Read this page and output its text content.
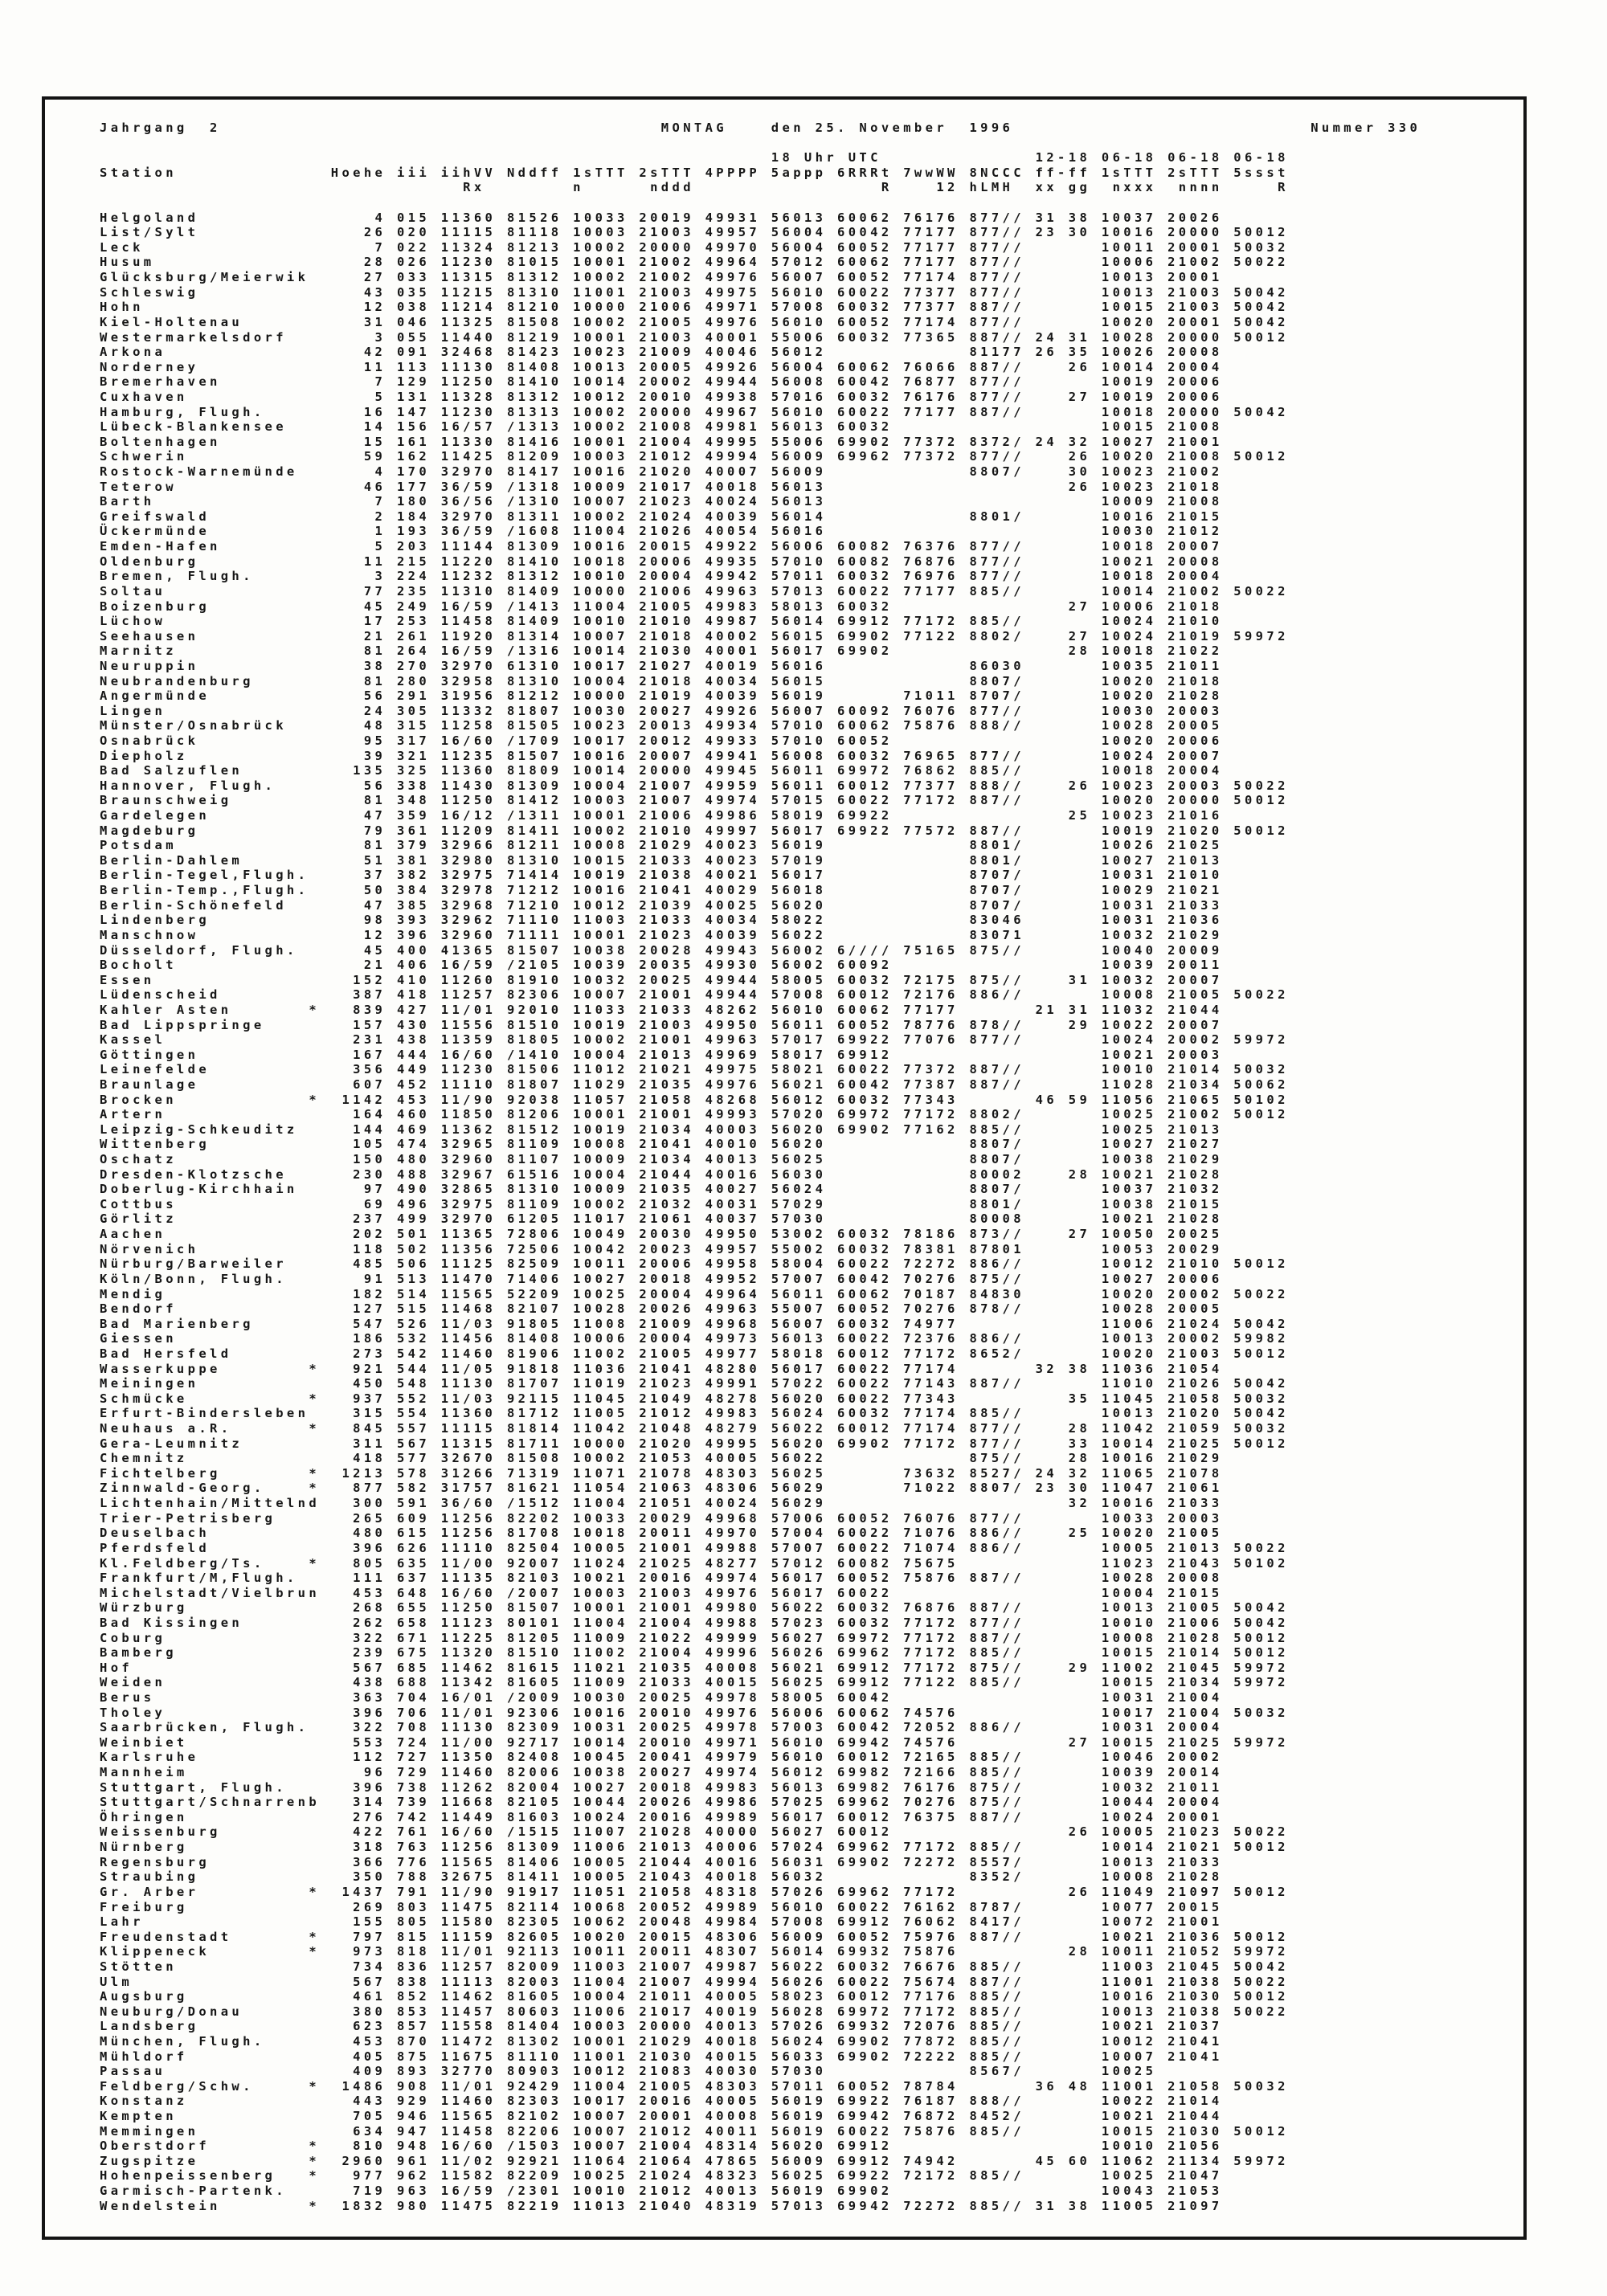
Jahrgang  2                                        MONTAG    den 25. November  1996                           Nummer 330

18 Uhr UTC              12-18 06-18 06-18 06-18
Station              Hoehe iii iihVV Nddff 1sTTT 2sTTT 4PPPP 5appp 6RRRt 7wwWW 8NCCC ff-ff 1sTTT 2sTTT 5ssst
Rx        n      nddd                 R    12 hLMH  xx gg  nxxx  nnnn     R

Helgoland                4 015 11360 81526 10033 20019 49931 56013 60062 76176 877// 31 38 10037 20026
List/Sylt               26 020 11115 81118 10003 21003 49957 56004 60042 77177 877// 23 30 10016 20000 50012
Leck                     7 022 11324 81213 10002 20000 49970 56004 60052 77177 877//       10011 20001 50032
Husum                   28 026 11230 81015 10001 21002 49964 57012 60062 77177 877//       10006 21002 50022
Glücksburg/Meierwik     27 033 11315 81312 10002 21002 49976 56007 60052 77174 877//       10013 20001
Schleswig               43 035 11215 81310 11001 21003 49975 56010 60022 77377 877//       10013 21003 50042
Hohn                    12 038 11214 81210 10000 21006 49971 57008 60032 77377 887//       10015 21003 50042
Kiel-Holtenau           31 046 11325 81508 10002 21005 49976 56010 60052 77174 877//       10020 20001 50042
Westermarkelsdorf        3 055 11440 81219 10001 21003 40001 55006 60032 77365 887// 24 31 10028 20000 50012
Arkona                  42 091 32468 81423 10023 21009 40046 56012             81177 26 35 10026 20008
Norderney               11 113 11130 81408 10013 20005 49926 56004 60062 76066 887//    26 10014 20004
Bremerhaven              7 129 11250 81410 10014 20002 49944 56008 60042 76877 877//       10019 20006
Cuxhaven                 5 131 11328 81312 10012 20010 49938 57016 60032 76176 877//    27 10019 20006
Hamburg, Flugh.         16 147 11230 81313 10002 20000 49967 56010 60022 77177 887//       10018 20000 50042
Lübeck-Blankensee       14 156 16/57 /1313 10002 21008 49981 56013 60032                   10015 21008
Boltenhagen             15 161 11330 81416 10001 21004 49995 55006 69902 77372 8372/ 24 32 10027 21001
Schwerin                59 162 11425 81209 10003 21012 49994 56009 69962 77372 877//    26 10020 21008 50012
Rostock-Warnemünde       4 170 32970 81417 10016 21020 40007 56009             8807/    30 10023 21002
Teterow                 46 177 36/59 /1318 10009 21017 40018 56013                      26 10023 21018
Barth                    7 180 36/56 /1310 10007 21023 40024 56013                         10009 21008
Greifswald               2 184 32970 81311 10002 21024 40039 56014             8801/       10016 21015
Ückermünde               1 193 36/59 /1608 11004 21026 40054 56016                         10030 21012
Emden-Hafen              5 203 11144 81309 10016 20015 49922 56006 60082 76376 877//       10018 20007
Oldenburg               11 215 11220 81410 10018 20006 49935 57010 60082 76876 877//       10021 20008
Bremen, Flugh.           3 224 11232 81312 10010 20004 49942 57011 60032 76976 877//       10018 20004
Soltau                  77 235 11310 81409 10000 21006 49963 57013 60022 77177 885//       10014 21002 50022
Boizenburg              45 249 16/59 /1413 11004 21005 49983 58013 60032                27 10006 21018
Lüchow                  17 253 11458 81409 10010 21010 49987 56014 69912 77172 885//       10024 21010
Seehausen               21 261 11920 81314 10007 21018 40002 56015 69902 77122 8802/    27 10024 21019 59972
Marnitz                 81 264 16/59 /1316 10014 21030 40001 56017 69902                28 10018 21022
Neuruppin               38 270 32970 61310 10017 21027 40019 56016             86030       10035 21011
Neubrandenburg          81 280 32958 81310 10004 21018 40034 56015             8807/       10020 21018
Angermünde              56 291 31956 81212 10000 21019 40039 56019       71011 8707/       10020 21028
Lingen                  24 305 11332 81807 10030 20027 49926 56007 60092 76076 877//       10030 20003
Münster/Osnabrück       48 315 11258 81505 10023 20013 49934 57010 60062 75876 888//       10028 20005
Osnabrück               95 317 16/60 /1709 10017 20012 49933 57010 60052                   10020 20006
Diepholz                39 321 11235 81507 10016 20007 49941 56008 60032 76965 877//       10024 20007
Bad Salzuflen          135 325 11360 81809 10014 20000 49945 56011 69972 76862 885//       10018 20004
Hannover, Flugh.        56 338 11430 81309 10004 21007 49959 56011 60012 77377 888//    26 10023 20003 50022
Braunschweig            81 348 11250 81412 10003 21007 49974 57015 60022 77172 887//       10020 20000 50012
Gardelegen              47 359 16/12 /1311 10001 21006 49986 58019 69922                25 10023 21016
Magdeburg               79 361 11209 81411 10002 21010 49997 56017 69922 77572 887//       10019 21020 50012
Potsdam                 81 379 32966 81211 10008 21029 40023 56019             8801/       10026 21025
Berlin-Dahlem           51 381 32980 81310 10015 21033 40023 57019             8801/       10027 21013
Berlin-Tegel,Flugh.     37 382 32975 71414 10019 21038 40021 56017             8707/       10031 21010
Berlin-Temp.,Flugh.     50 384 32978 71212 10016 21041 40029 56018             8707/       10029 21021
Berlin-Schönefeld       47 385 32968 71210 10012 21039 40025 56020             8707/       10031 21033
Lindenberg              98 393 32962 71110 11003 21033 40034 58022             83046       10031 21036
Manschnow               12 396 32960 71111 10001 21023 40039 56022             83071       10032 21029
Düsseldorf, Flugh.      45 400 41365 81507 10038 20028 49943 56002 6//// 75165 875//       10040 20009
Bocholt                 21 406 16/59 /2105 10039 20035 49930 56002 60092                   10039 20011
Essen                  152 410 11260 81910 10032 20025 49944 58005 60032 72175 875//    31 10032 20007
Lüdenscheid            387 418 11257 82306 10007 21001 49944 57008 60012 72176 886//       10008 21005 50022
Kahler Asten       *   839 427 11/01 92010 11033 21033 48262 56010 60062 77177       21 31 11032 21044
Bad Lippspringe        157 430 11556 81510 10019 21003 49950 56011 60052 78776 878//    29 10022 20007
Kassel                 231 438 11359 81805 10002 21001 49963 57017 69922 77076 877//       10024 20002 59972
Göttingen              167 444 16/60 /1410 10004 21013 49969 58017 69912                   10021 20003
Leinefelde             356 449 11230 81506 11012 21021 49975 58021 60022 77372 887//       10010 21014 50032
Braunlage              607 452 11110 81807 11029 21035 49976 56021 60042 77387 887//       11028 21034 50062
Brocken            *  1142 453 11/90 92038 11057 21058 48268 56012 60032 77343       46 59 11056 21065 50102
Artern                 164 460 11850 81206 10001 21001 49993 57020 69972 77172 8802/       10025 21002 50012
Leipzig-Schkeuditz     144 469 11362 81512 10019 21034 40003 56020 69902 77162 885//       10025 21013
Wittenberg             105 474 32965 81109 10008 21041 40010 56020             8807/       10027 21027
Oschatz                150 480 32960 81107 10009 21034 40013 56025             8807/       10038 21029
Dresden-Klotzsche      230 488 32967 61516 10004 21044 40016 56030             80002    28 10021 21028
Doberlug-Kirchhain      97 490 32865 81310 10009 21035 40027 56024             8807/       10037 21032
Cottbus                 69 496 32975 81109 10002 21032 40031 57029             8801/       10038 21015
Görlitz                237 499 32970 61205 11017 21061 40037 57030             80008       10021 21028
Aachen                 202 501 11365 72806 10049 20030 49950 53002 60032 78186 873//    27 10050 20025
Nörvenich              118 502 11356 72506 10042 20023 49957 55002 60032 78381 87801       10053 20029
Nürburg/Barweiler      485 506 11125 82509 10011 20006 49958 58004 60022 72272 886//       10012 21010 50012
Köln/Bonn, Flugh.       91 513 11470 71406 10027 20018 49952 57007 60042 70276 875//       10027 20006
Mendig                 182 514 11565 52209 10025 20004 49964 56011 60062 70187 84830       10020 20002 50022
Bendorf                127 515 11468 82107 10028 20026 49963 55007 60052 70276 878//       10028 20005
Bad Marienberg         547 526 11/03 91805 11008 21009 49968 56007 60032 74977             11006 21024 50042
Giessen                186 532 11456 81408 10006 20004 49973 56013 60022 72376 886//       10013 20002 59982
Bad Hersfeld           273 542 11460 81906 11002 21005 49977 58018 60012 77172 8652/       10020 21003 50012
Wasserkuppe        *   921 544 11/05 91818 11036 21041 48280 56017 60022 77174       32 38 11036 21054
Meiningen              450 548 11130 81707 11019 21023 49991 57022 60022 77143 887//       11010 21026 50042
Schmücke           *   937 552 11/03 92115 11045 21049 48278 56020 60022 77343          35 11045 21058 50032
Erfurt-Bindersleben    315 554 11360 81712 11005 21012 49983 56024 60032 77174 885//       10013 21020 50042
Neuhaus a.R.       *   845 557 11115 81814 11042 21048 48279 56022 60012 77174 877//    28 11042 21059 50032
Gera-Leumnitz          311 567 11315 81711 10000 21020 49995 56020 69902 77172 877//    33 10014 21025 50012
Chemnitz               418 577 32670 81508 10002 21053 40005 56022             875//    28 10016 21029
Fichtelberg        *  1213 578 31266 71319 11071 21078 48303 56025       73632 8527/ 24 32 11065 21078
Zinnwald-Georg.    *   877 582 31757 81621 11054 21063 48306 56029       71022 8807/ 23 30 11047 21061
Lichtenhain/Mittelnd   300 591 36/60 /1512 11004 21051 40024 56029                      32 10016 21033
Trier-Petrisberg       265 609 11256 82202 10033 20029 49968 57006 60052 76076 877//       10033 20003
Deuselbach             480 615 11256 81708 10018 20011 49970 57004 60022 71076 886//    25 10020 21005
Pferdsfeld             396 626 11110 82504 10005 21001 49988 57007 60022 71074 886//       10005 21013 50022
Kl.Feldberg/Ts.    *   805 635 11/00 92007 11024 21025 48277 57012 60082 75675             11023 21043 50102
Frankfurt/M,Flugh.     111 637 11135 82103 10021 20016 49974 56017 60052 75876 887//       10028 20008
Michelstadt/Vielbrun   453 648 16/60 /2007 10003 21003 49976 56017 60022                   10004 21015
Würzburg               268 655 11250 81507 10001 21001 49980 56022 60032 76876 887//       10013 21005 50042
Bad Kissingen          262 658 11123 80101 11004 21004 49988 57023 60032 77172 877//       10010 21006 50042
Coburg                 322 671 11225 81205 11009 21022 49999 56027 69972 77172 887//       10008 21028 50012
Bamberg                239 675 11320 81510 11002 21004 49996 56026 69962 77172 885//       10015 21014 50012
Hof                    567 685 11462 81615 11021 21035 40008 56021 69912 77172 875//    29 11002 21045 59972
Weiden                 438 688 11342 81605 11009 21033 40015 56025 69912 77122 885//       10015 21034 59972
Berus                  363 704 16/01 /2009 10030 20025 49978 58005 60042                   10031 21004
Tholey                 396 706 11/01 92306 10016 20010 49976 56006 60062 74576             10017 21004 50032
Saarbrücken, Flugh.    322 708 11130 82309 10031 20025 49978 57003 60042 72052 886//       10031 20004
Weinbiet               553 724 11/00 92717 10014 20010 49971 56010 69942 74576          27 10015 21025 59972
Karlsruhe              112 727 11350 82408 10045 20041 49979 56010 60012 72165 885//       10046 20002
Mannheim                96 729 11460 82006 10038 20027 49974 56012 69982 72166 885//       10039 20014
Stuttgart, Flugh.      396 738 11262 82004 10027 20018 49983 56013 69982 76176 875//       10032 21011
Stuttgart/Schnarrenb   314 739 11668 82105 10044 20026 49986 57025 69962 70276 875//       10044 20004
Öhringen               276 742 11449 81603 10024 20016 49989 56017 60012 76375 887//       10024 20001
Weissenburg            422 761 16/60 /1515 11007 21028 40000 56027 60012                26 10005 21023 50022
Nürnberg               318 763 11256 81309 11006 21013 40006 57024 69962 77172 885//       10014 21021 50012
Regensburg             366 776 11565 81406 10005 21044 40016 56031 69902 72272 8557/       10013 21033
Straubing              350 788 32675 81411 10005 21043 40018 56032             8352/       10008 21028
Gr. Arber          *  1437 791 11/90 91917 11051 21058 48318 57026 69962 77172          26 11049 21097 50012
Freiburg               269 803 11475 82114 10068 20052 49989 56010 60022 76162 8787/       10077 20015
Lahr                   155 805 11580 82305 10062 20048 49984 57008 69912 76062 8417/       10072 21001
Freudenstadt       *   797 815 11159 82605 10020 20015 48306 56009 60052 75976 887//       10021 21036 50012
Klippeneck         *   973 818 11/01 92113 10011 20011 48307 56014 69932 75876          28 10011 21052 59972
Stötten                734 836 11257 82009 11003 21007 49987 56022 60032 76676 885//       11003 21045 50042
Ulm                    567 838 11113 82003 11004 21007 49994 56026 60022 75674 887//       11001 21038 50022
Augsburg               461 852 11462 81605 10004 21011 40005 58023 60012 77176 885//       10016 21030 50012
Neuburg/Donau          380 853 11457 80603 11006 21017 40019 56028 69972 77172 885//       10013 21038 50022
Landsberg              623 857 11558 81404 10003 20000 40013 57026 69932 72076 885//       10021 21037
München, Flugh.        453 870 11472 81302 10001 21029 40018 56024 69902 77872 885//       10012 21041
Mühldorf               405 875 11675 81110 11001 21030 40015 56033 69902 72222 885//       10007 21041
Passau                 409 893 32770 80903 10012 21083 40030 57030             8567/       10025
Feldberg/Schw.     *  1486 908 11/01 92429 11004 21005 48303 57011 60052 78784       36 48 11001 21058 50032
Konstanz               443 929 11460 82303 10017 20016 40005 56019 69922 76187 888//       10022 21014
Kempten                705 946 11565 82102 10007 20001 40008 56019 69942 76872 8452/       10021 21044
Memmingen              634 947 11458 82206 10007 21012 40011 56019 60022 75876 885//       10015 21030 50012
Oberstdorf         *   810 948 16/60 /1503 10007 21004 48314 56020 69912                   10010 21056
Zugspitze          *  2960 961 11/02 92921 11064 21064 47865 56009 69912 74942       45 60 11062 21134 59972
Hohenpeissenberg   *   977 962 11582 82209 10025 21024 48323 56025 69922 72172 885//       10025 21047
Garmisch-Partenk.      719 963 16/59 /2301 10010 21012 40013 56019 69902                   10043 21053
Wendelstein        *  1832 980 11475 82219 11013 21040 48319 57013 69942 72272 885// 31 38 11005 21097
